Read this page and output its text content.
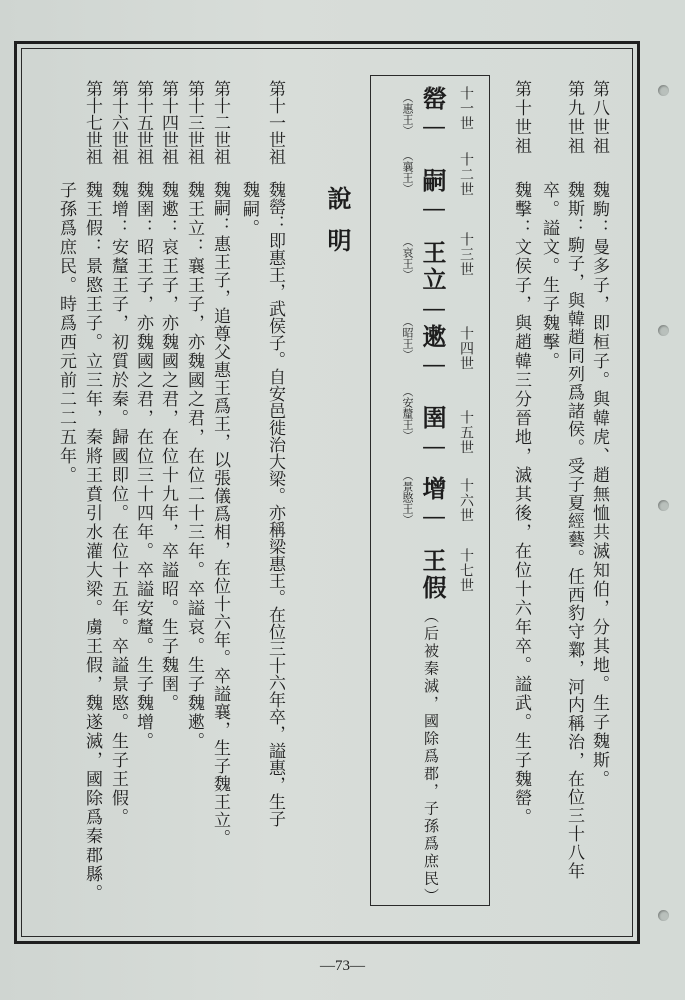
第八世祖
魏駒：曼多子，即桓子。與韓虎、趙無恤共滅知伯，分其地。生子魏斯。
第九世祖
魏斯：駒子，與韓趙同列爲諸侯。受子夏經藝。任西豹守鄴，河内稱治，在位三十八年
卒。謚文。生子魏擊。
第十世祖
魏擊：文侯子，與趙韓三分晉地，滅其後，在位十六年卒。謚武。生子魏罃。
十一世
十二世
十三世
十四世
十五世
十六世
十七世
罃
—
嗣
—
王立
—
遬
—
圉
—
增
—
王假
（惠王）
（襄王）
（哀王）
（昭王）
（安釐王）
（景愍王）
（后被秦滅，國除爲郡，子孫爲庶民）
說明
第十一世祖
魏罃：即惠王，武侯子。自安邑徙治大梁。亦稱梁惠王。在位三十六年卒，謚惠，生子
魏嗣。
第十二世祖
魏嗣：惠王子，追尊父惠王爲王，以張儀爲相，在位十六年。卒謚襄，生子魏王立。
第十三世祖
魏王立：襄王子，亦魏國之君，在位二十三年。卒謚哀。生子魏遬。
第十四世祖
魏遬：哀王子，亦魏國之君，在位十九年，卒謚昭。生子魏圉。
第十五世祖
魏圉：昭王子，亦魏國之君，在位三十四年。卒謚安釐。生子魏增。
第十六世祖
魏增：安釐王子，初質於秦。歸國即位。在位十五年。卒謚景愍。生子王假。
第十七世祖
魏王假：景愍王子。立三年，秦將王賁引水灌大梁。虜王假，魏遂滅，國除爲秦郡縣。
子孫爲庶民。時爲西元前二二五年。
—73—
